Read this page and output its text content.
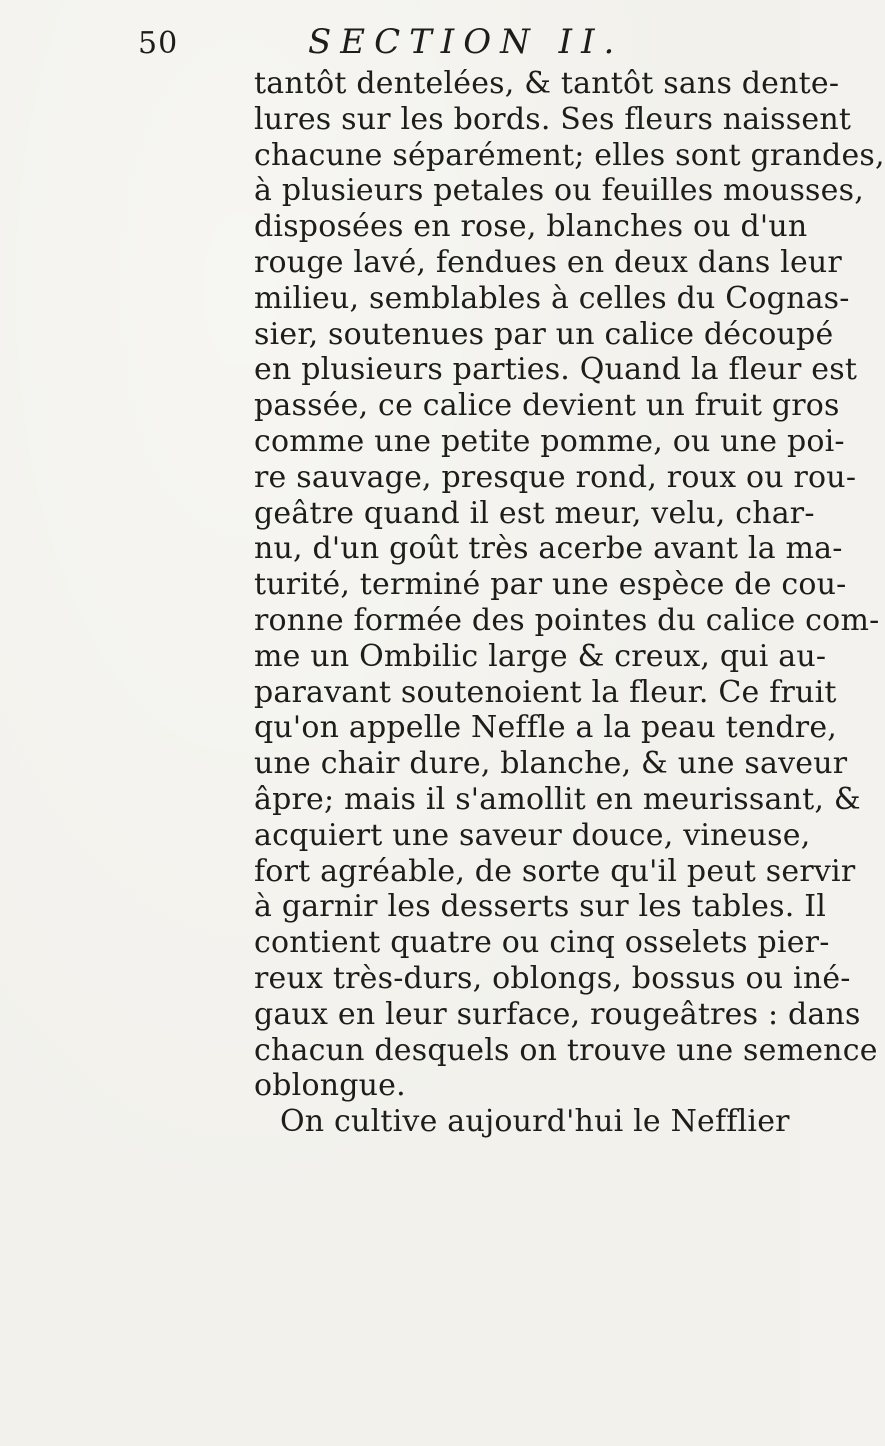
50	SECTION II.
tantôt dentelées, & tantôt sans dente-
lures sur les bords. Ses fleurs naissent
chacune séparément; elles sont grandes,
à plusieurs petales ou feuilles mousses,
disposées en rose, blanches ou d'un
rouge lavé, fendues en deux dans leur
milieu, semblables à celles du Cognas-
sier, soutenues par un calice découpé
en plusieurs parties. Quand la fleur est
passée, ce calice devient un fruit gros
comme une petite pomme, ou une poi-
re sauvage, presque rond, roux ou rou-
geâtre quand il est meur, velu, char-
nu, d'un goût très acerbe avant la ma-
turité, terminé par une espèce de cou-
ronne formée des pointes du calice com-
me un Ombilic large & creux, qui au-
paravant soutenoient la fleur. Ce fruit
qu'on appelle Neffle a la peau tendre,
une chair dure, blanche, & une saveur
âpre; mais il s'amollit en meurissant, &
acquiert une saveur douce, vineuse,
fort agréable, de sorte qu'il peut servir
à garnir les desserts sur les tables. Il
contient quatre ou cinq osselets pier-
reux très-durs, oblongs, bossus ou iné-
gaux en leur surface, rougeâtres : dans
chacun desquels on trouve une semence
oblongue.
On cultive aujourd'hui le Nefflier
